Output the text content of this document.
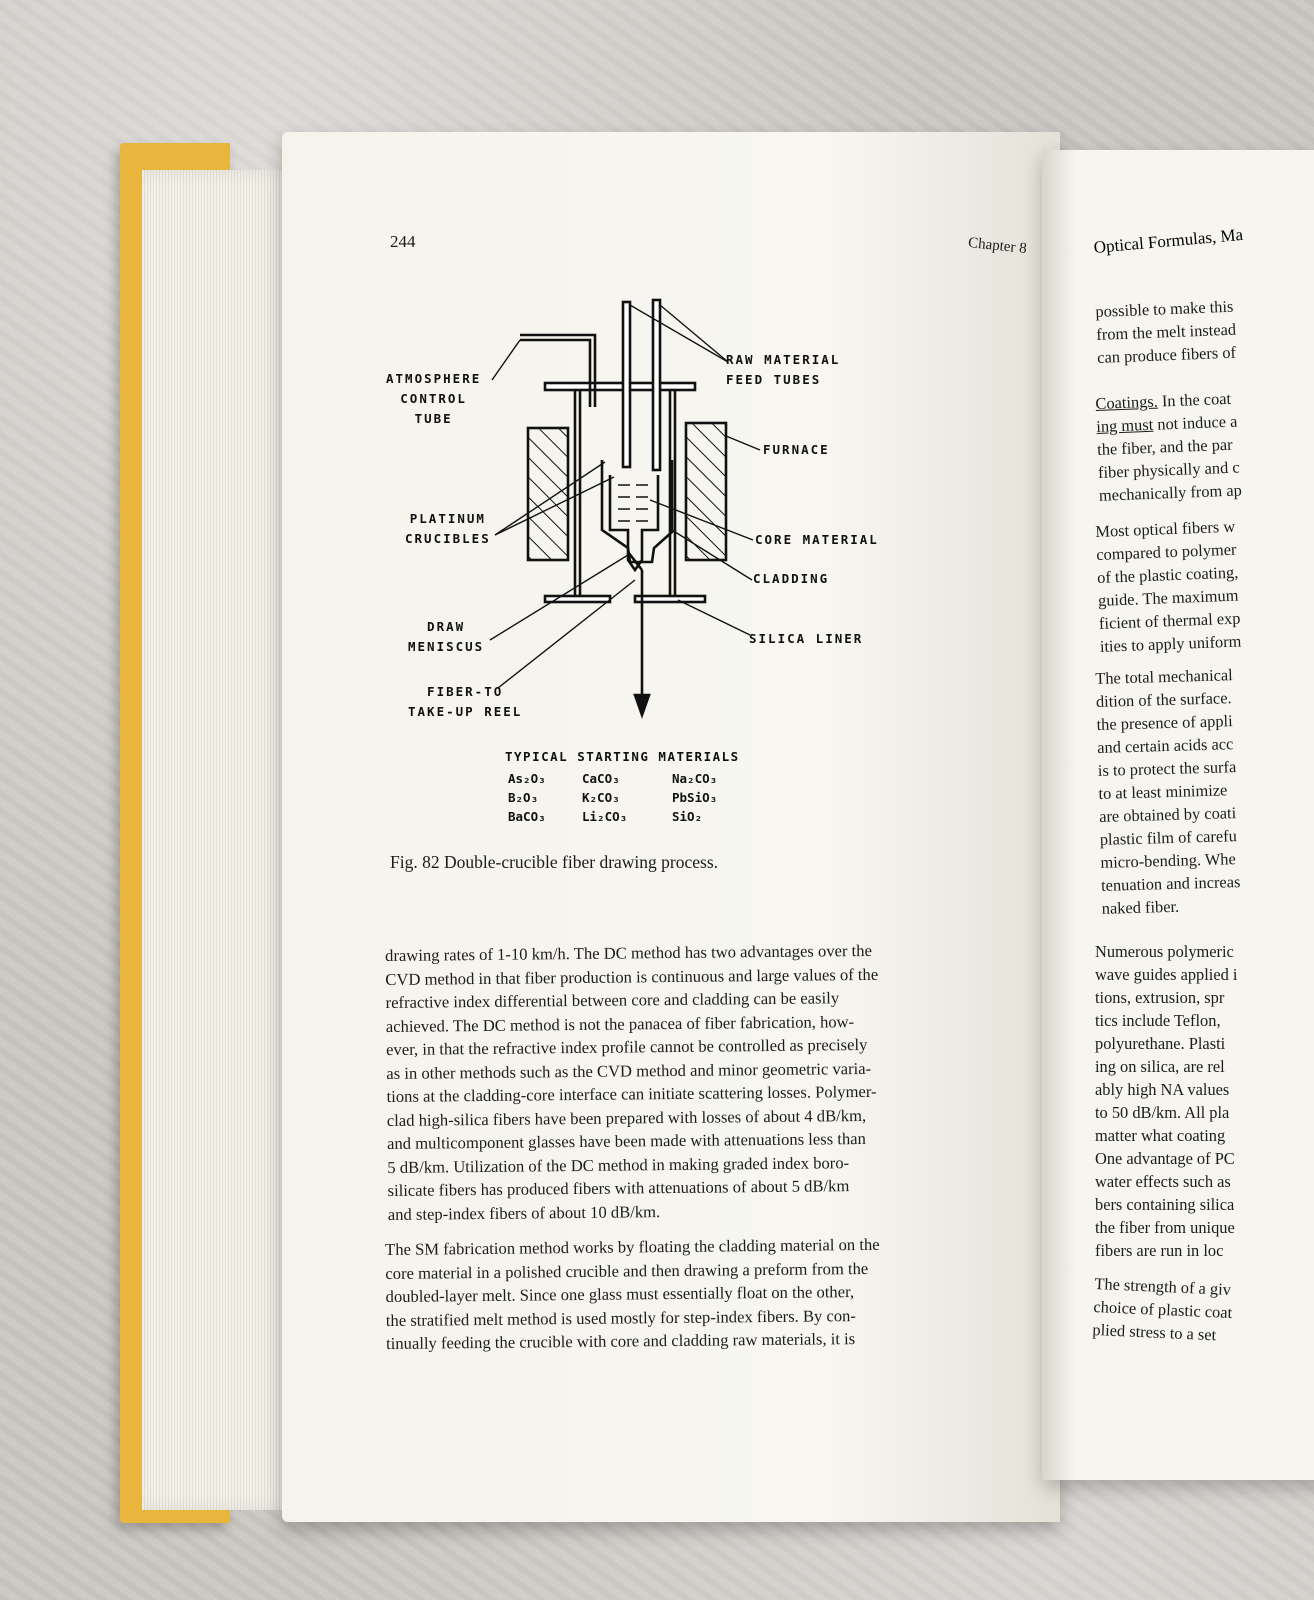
244	Chapter 8
ATMOSPHERE
CONTROL
TUBE
RAW MATERIAL
FEED TUBES
FURNACE
PLATINUM
CRUCIBLES	CORE MATERIAL
CLADDING
DRAW
MENISCUS
SILICA LINER
FIBER-TO
TAKE-UP REEL
TYPICAL STARTING MATERIALS
As₂O₃
B₂O₃
BaCO₃
CaCO₃
K₂CO₃
Li₂CO₃
Na₂CO₃
PbSiO₃
SiO₂
Fig. 82 Double-crucible fiber drawing process.
drawing rates of 1-10 km/h. The DC method has two advantages over the
CVD method in that fiber production is continuous and large values of the
refractive index differential between core and cladding can be easily
achieved. The DC method is not the panacea of fiber fabrication, how-
ever, in that the refractive index profile cannot be controlled as precisely
as in other methods such as the CVD method and minor geometric varia-
tions at the cladding-core interface can initiate scattering losses. Polymer-
clad high-silica fibers have been prepared with losses of about 4 dB/km,
and multicomponent glasses have been made with attenuations less than
5 dB/km. Utilization of the DC method in making graded index boro-
silicate fibers has produced fibers with attenuations of about 5 dB/km
and step-index fibers of about 10 dB/km.
The SM fabrication method works by floating the cladding material on the
core material in a polished crucible and then drawing a preform from the
doubled-layer melt. Since one glass must essentially float on the other,
the stratified melt method is used mostly for step-index fibers. By con-
tinually feeding the crucible with core and cladding raw materials, it is
Optical Formulas, Ma
possible to make this
from the melt instead
can produce fibers of
Coatings. In the coat
ing must not induce a
the fiber, and the par
fiber physically and c
mechanically from ap
Most optical fibers w
compared to polymer
of the plastic coating,
guide. The maximum
ficient of thermal exp
ities to apply uniform
The total mechanical
dition of the surface.
the presence of appli
and certain acids acc
is to protect the surfa
to at least minimize
are obtained by coati
plastic film of carefu
micro-bending. Whe
tenuation and increas
naked fiber.
Numerous polymeric
wave guides applied i
tions, extrusion, spr
tics include Teflon,
polyurethane. Plasti
ing on silica, are rel
ably high NA values
to 50 dB/km. All pla
matter what coating
One advantage of PC
water effects such as
bers containing silica
the fiber from unique
fibers are run in loc
The strength of a giv
choice of plastic coat
plied stress to a set
